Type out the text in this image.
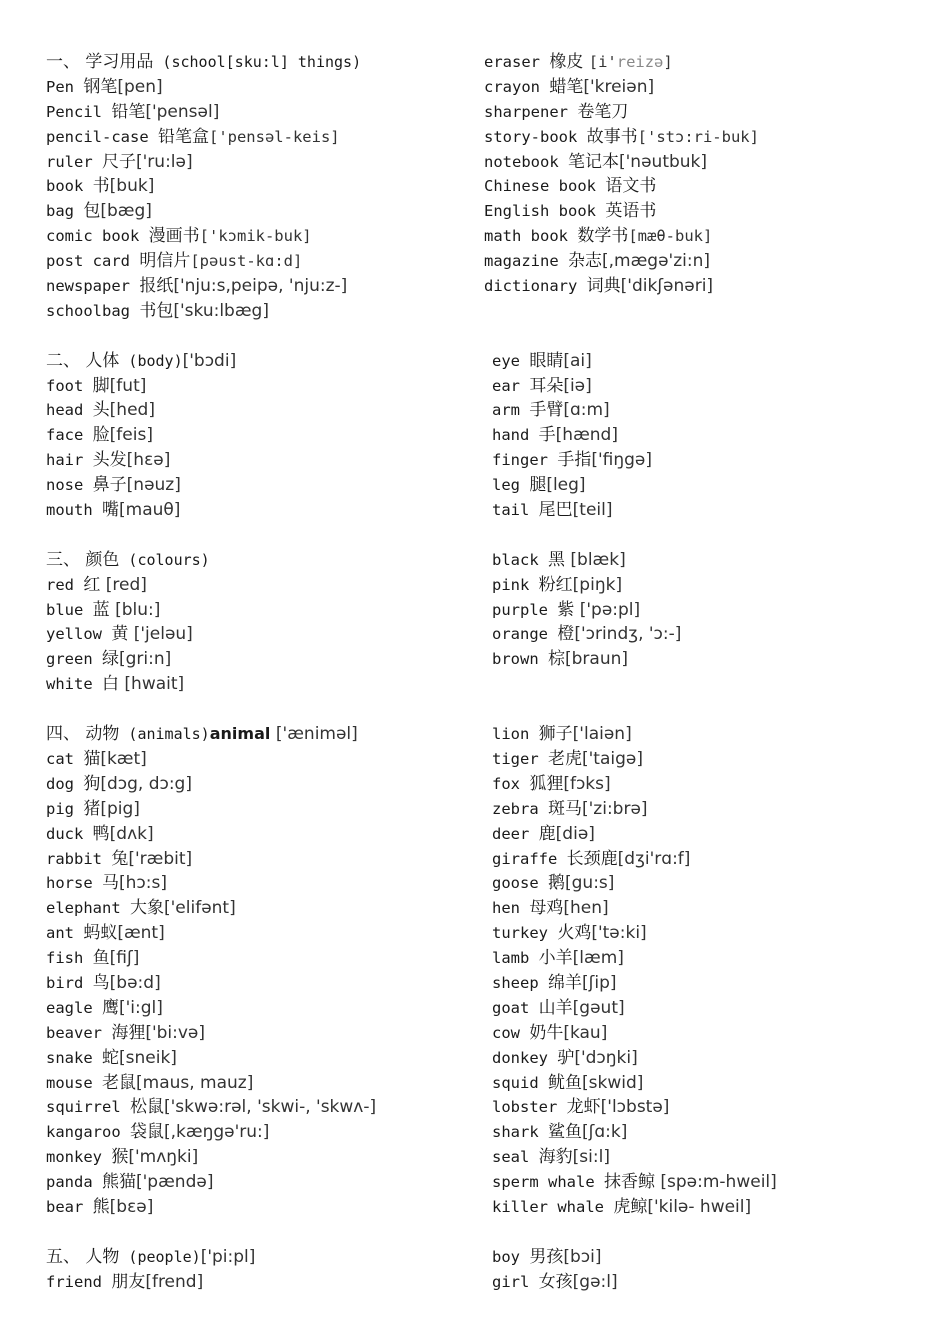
一、 学习用品 (school[sku:l] things)
Pen 钢笔[pen]
Pencil 铅笔['pensəl]
pencil-case 铅笔盒['pensəl-keis]
ruler 尺子['ru:lə]
book 书[buk]
bag 包[bæg]
comic book 漫画书['kɔmik-buk]
post card 明信片[pəust-kɑ:d]
newspaper 报纸['nju:s,peipə, 'nju:z-]
schoolbag 书包['sku:lbæg]
二、 人体 (body)['bɔdi]
foot 脚[fut]
head 头[hed]
face 脸[feis]
hair 头发[hɛə]
nose 鼻子[nəuz]
mouth 嘴[mauθ]
三、 颜色 (colours)
red 红 [red]
blue 蓝 [blu:]
yellow 黄 ['jeləu]
green 绿[gri:n]
white 白 [hwait]
四、 动物 (animals)animal ['æniməl]
cat 猫[kæt]
dog 狗[dɔg, dɔ:g]
pig 猪[pig]
duck 鸭[dʌk]
rabbit 兔['ræbit]
horse 马[hɔ:s]
elephant 大象['elifənt]
ant 蚂蚁[ænt]
fish 鱼[fiʃ]
bird 鸟[bə:d]
eagle 鹰['i:gl]
beaver 海狸['bi:və]
snake 蛇[sneik]
mouse 老鼠[maus, mauz]
squirrel 松鼠['skwə:rəl, 'skwi-, 'skwʌ-]
kangaroo 袋鼠[,kæŋgə'ru:]
monkey 猴['mʌŋki]
panda 熊猫['pændə]
bear 熊[bɛə]
五、 人物 (people)['pi:pl]
friend 朋友[frend]
eraser 橡皮 [i'reizə]
crayon 蜡笔['kreiən]
sharpener 卷笔刀
story-book 故事书['stɔ:ri-buk]
notebook 笔记本['nəutbuk]
Chinese book 语文书
English book 英语书
math book 数学书[mæθ-buk]
magazine 杂志[,mægə'zi:n]
dictionary 词典['dikʃənəri]
eye 眼睛[ai]
ear 耳朵[iə]
arm 手臂[ɑ:m]
hand 手[hænd]
finger 手指['fiŋgə]
leg 腿[leg]
tail 尾巴[teil]
black 黑 [blæk]
pink 粉红[piŋk]
purple 紫 ['pə:pl]
orange 橙['ɔrindʒ, 'ɔ:-]
brown 棕[braun]
lion 狮子['laiən]
tiger 老虎['taigə]
fox 狐狸[fɔks]
zebra 斑马['zi:brə]
deer 鹿[diə]
giraffe 长颈鹿[dʒi'rɑ:f]
goose 鹅[gu:s]
hen 母鸡[hen]
turkey 火鸡['tə:ki]
lamb 小羊[læm]
sheep 绵羊[ʃip]
goat 山羊[gəut]
cow 奶牛[kau]
donkey 驴['dɔŋki]
squid 鱿鱼[skwid]
lobster 龙虾['lɔbstə]
shark 鲨鱼[ʃɑ:k]
seal 海豹[si:l]
sperm whale 抹香鲸 [spə:m-hweil]
killer whale 虎鲸['kilə- hweil]
boy 男孩[bɔi]
girl 女孩[gə:l]
